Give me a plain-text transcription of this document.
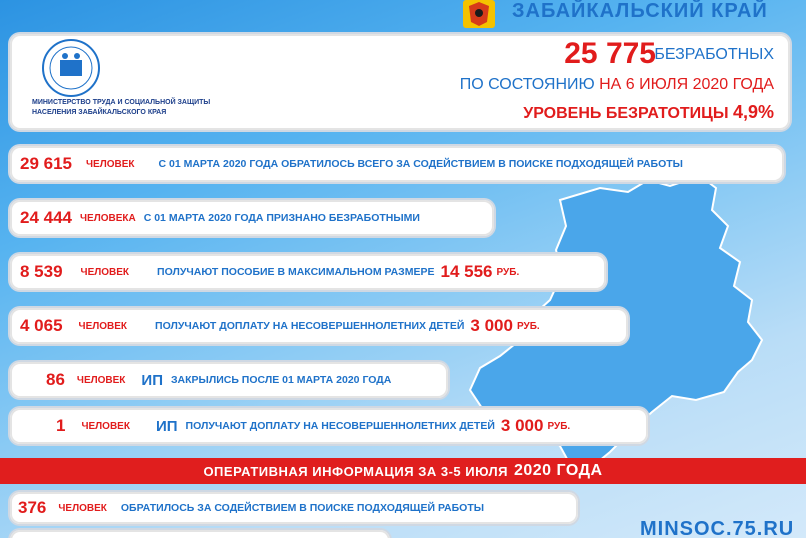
ЗАБАЙКАЛЬСКИЙ КРАЙ
МИНИСТЕРСТВО ТРУДА И СОЦИАЛЬНОЙ ЗАЩИТЫ НАСЕЛЕНИЯ ЗАБАЙКАЛЬСКОГО КРАЯ
25 775
БЕЗРАБОТНЫХ
ПО СОСТОЯНИЮ НА 6 ИЮЛЯ 2020 ГОДА
УРОВЕНЬ БЕЗРАТОТИЦЫ 4,9%
29 615 ЧЕЛОВЕК С 01 МАРТА 2020 ГОДА ОБРАТИЛОСЬ ВСЕГО ЗА СОДЕЙСТВИЕМ В ПОИСКЕ ПОДХОДЯЩЕЙ РАБОТЫ
24 444 ЧЕЛОВЕКА С 01 МАРТА 2020 ГОДА ПРИЗНАНО БЕЗРАБОТНЫМИ
8 539 ЧЕЛОВЕК	ПОЛУЧАЮТ ПОСОБИЕ В МАКСИМАЛЬНОМ РАЗМЕРЕ 14 556 РУБ.
4 065 ЧЕЛОВЕК	ПОЛУЧАЮТ ДОПЛАТУ НА НЕСОВЕРШЕННОЛЕТНИХ ДЕТЕЙ 3 000 РУБ.
86 ЧЕЛОВЕК ИП ЗАКРЫЛИСЬ ПОСЛЕ 01 МАРТА 2020 ГОДА
1 ЧЕЛОВЕК ИП ПОЛУЧАЮТ ДОПЛАТУ НА НЕСОВЕРШЕННОЛЕТНИХ ДЕТЕЙ 3 000 РУБ.
ОПЕРАТИВНАЯ ИНФОРМАЦИЯ ЗА 3-5 ИЮЛЯ 2020 ГОДА
376 ЧЕЛОВЕК ОБРАТИЛОСЬ ЗА СОДЕЙСТВИЕМ В ПОИСКЕ ПОДХОДЯЩЕЙ РАБОТЫ
MINSOC.75.RU
